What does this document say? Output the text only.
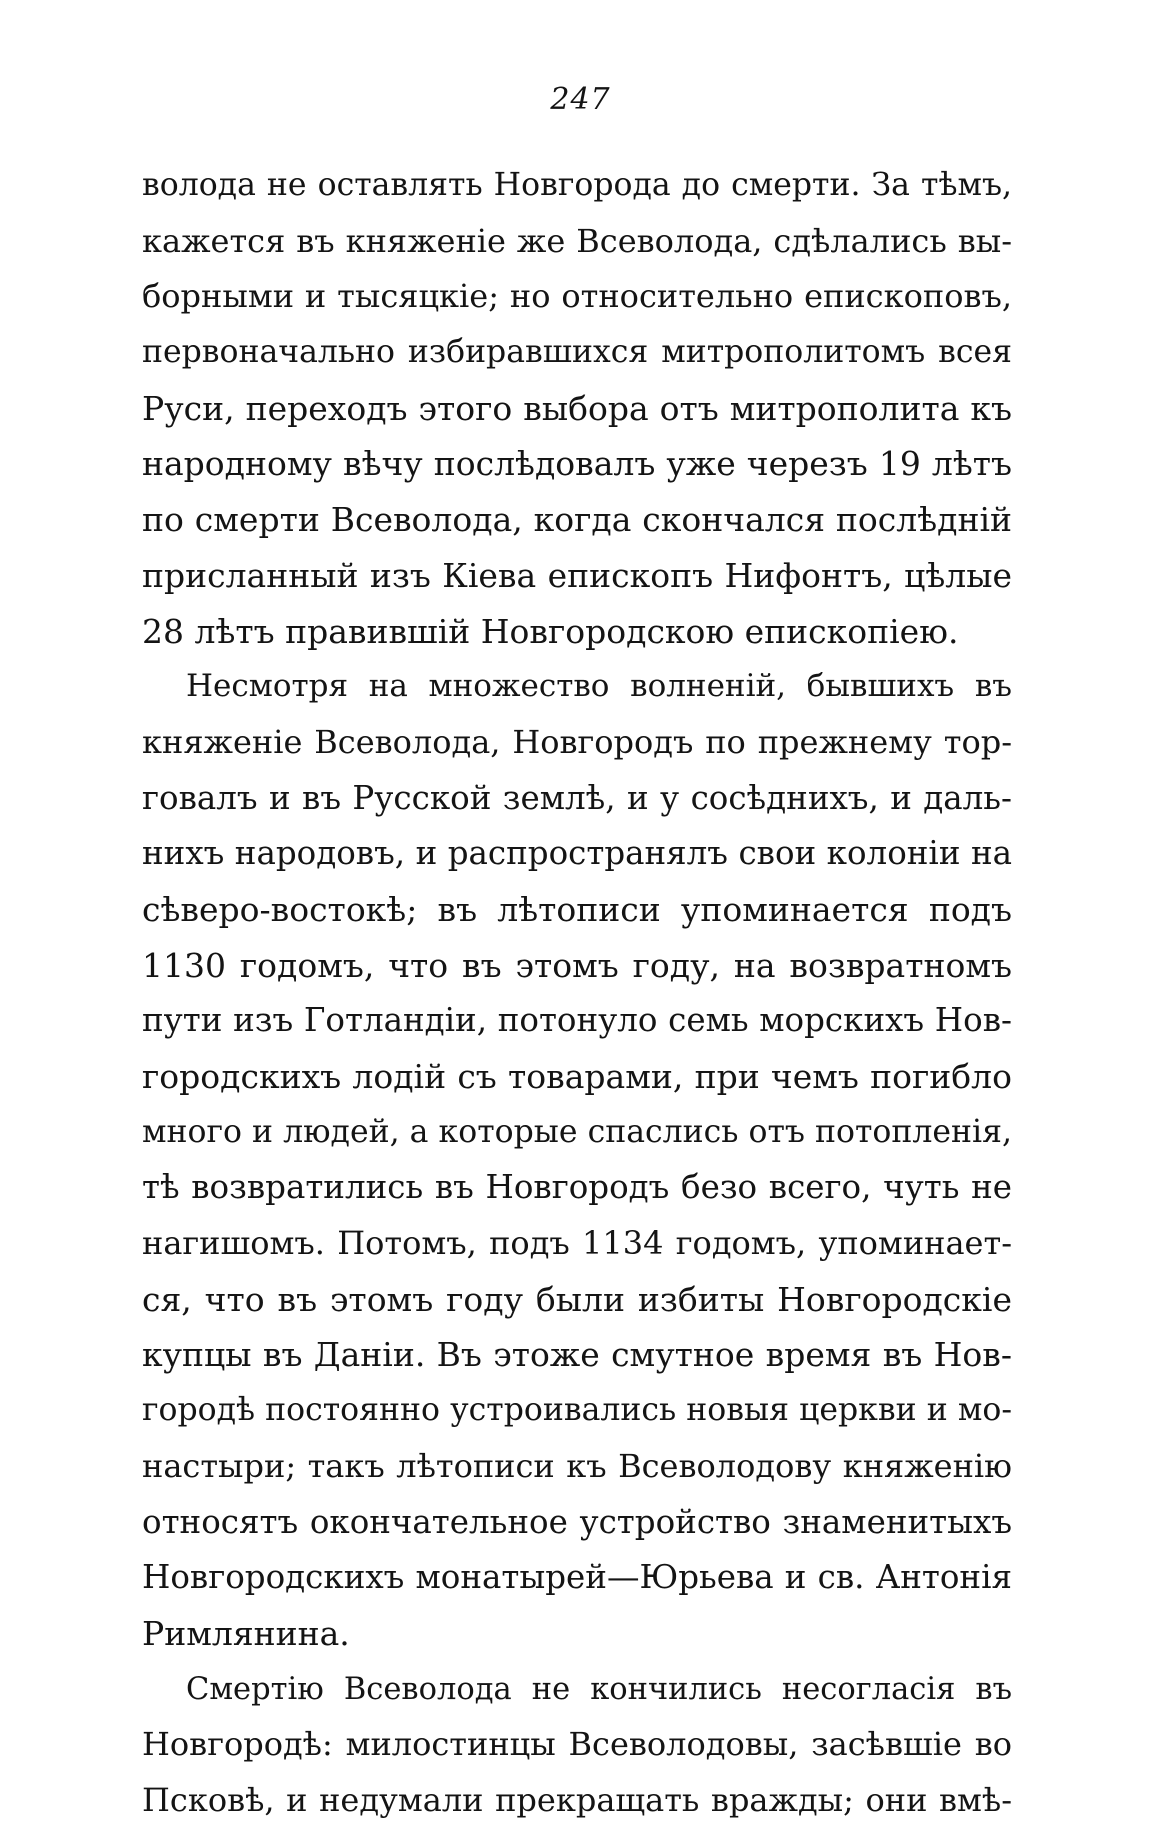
247
волода не оставлять Новгорода до смерти. За тѣмъ,
кажется въ княженіе же Всеволода, сдѣлались вы-
борными и тысяцкіе; но относительно епископовъ,
первоначально избиравшихся митрополитомъ всея
Руси, переходъ этого выбора отъ митрополита къ
народному вѣчу послѣдовалъ уже черезъ 19 лѣтъ
по смерти Всеволода, когда скончался послѣдній
присланный изъ Кіева епископъ Нифонтъ, цѣлые
28 лѣтъ правившій Новгородскою епископіею.
Несмотря на множество волненій, бывшихъ въ
княженіе Всеволода, Новгородъ по прежнему тор-
говалъ и въ Русской землѣ, и у сосѣднихъ, и даль-
нихъ народовъ, и распространялъ свои колоніи на
сѣверо-востокѣ; въ лѣтописи упоминается подъ
1130 годомъ, что въ этомъ году, на возвратномъ
пути изъ Готландіи, потонуло семь морскихъ Нов-
городскихъ лодій съ товарами, при чемъ погибло
много и людей, а которые спаслись отъ потопленія,
тѣ возвратились въ Новгородъ безо всего, чуть не
нагишомъ. Потомъ, подъ 1134 годомъ, упоминает-
ся, что въ этомъ году были избиты Новгородскіе
купцы въ Даніи. Въ этоже смутное время въ Нов-
городѣ постоянно устроивались новыя церкви и мо-
настыри; такъ лѣтописи къ Всеволодову княженію
относятъ окончательное устройство знаменитыхъ
Новгородскихъ монатырей—Юрьева и св. Антонія
Римлянина.
Смертію Всеволода не кончились несогласія въ
Новгородѣ: милостинцы Всеволодовы, засѣвшіе во
Псковѣ, и недумали прекращать вражды; они вмѣ-
